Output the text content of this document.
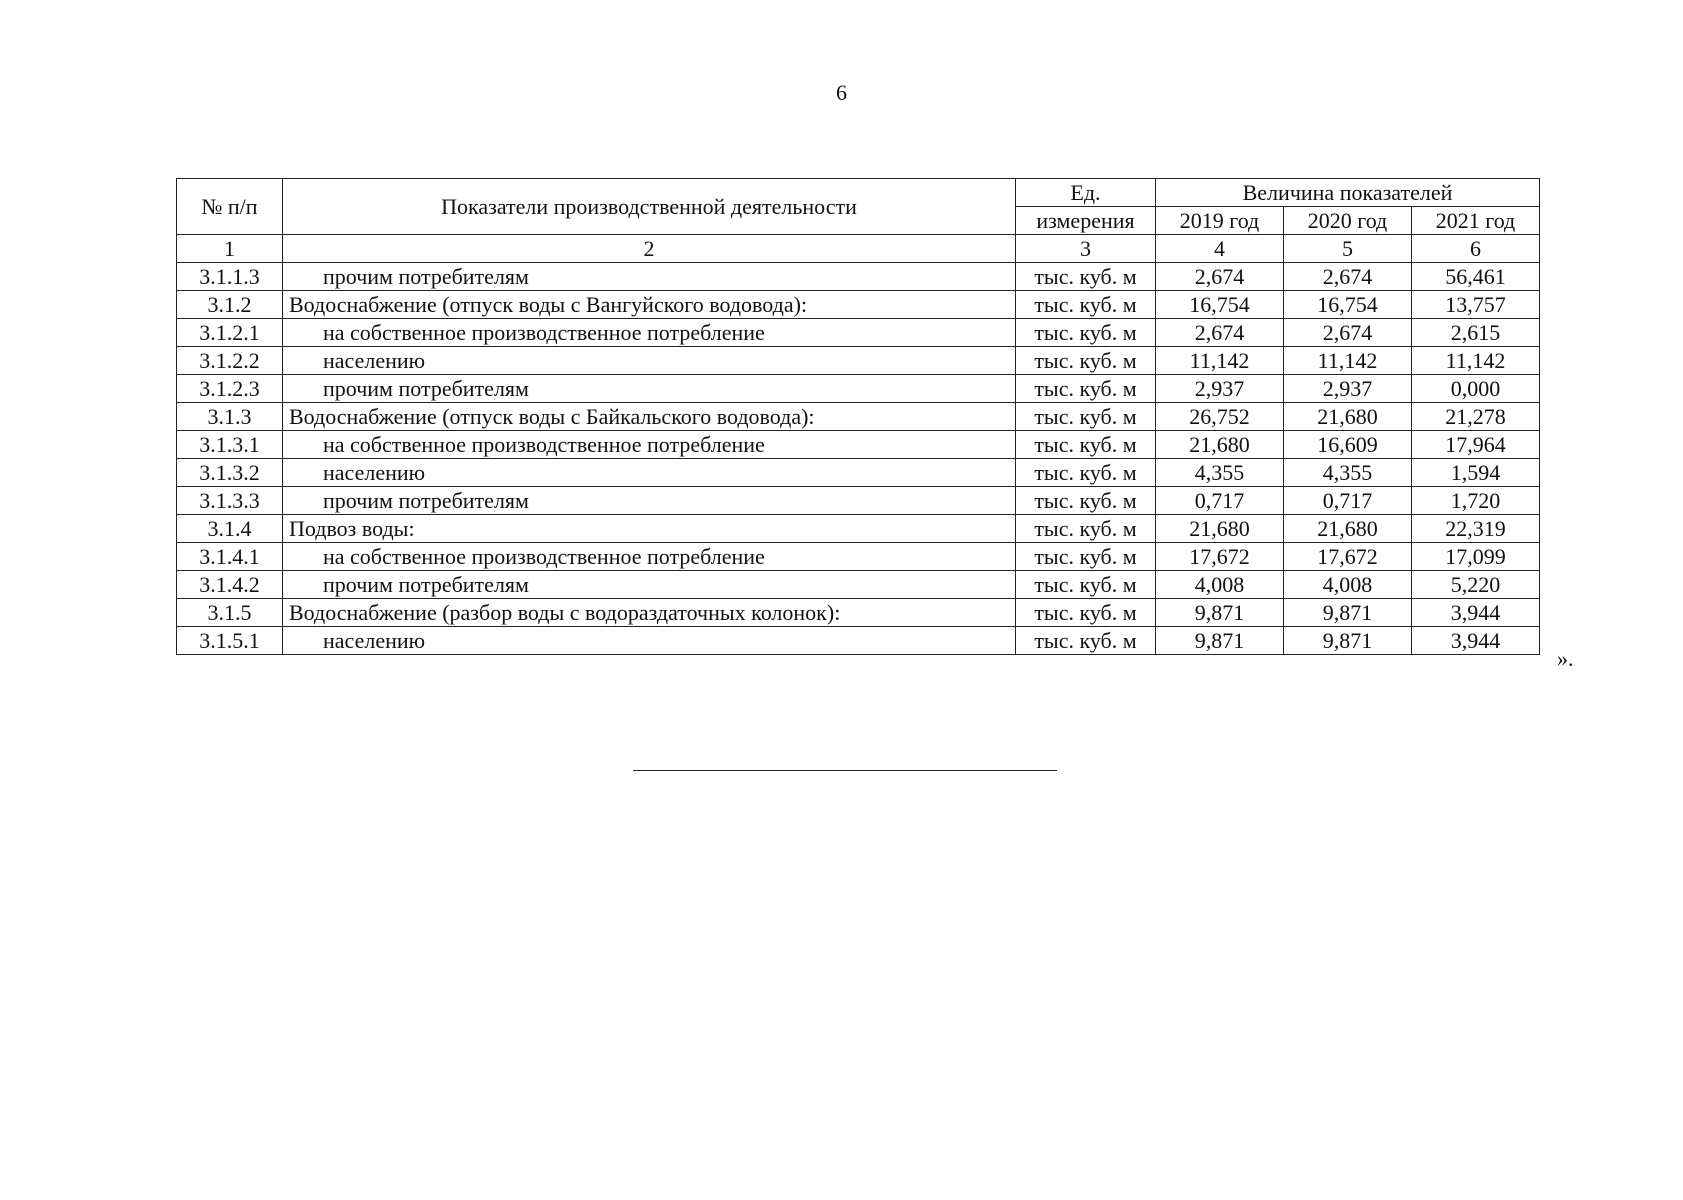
6
№ п/п	Показатели производственной деятельности	Ед.	Величина показателей		
		измерения	2019 год	2020 год	2021 год
1	2	3	4	5	6
3.1.1.3	прочим потребителям	тыс. куб. м	2,674	2,674	56,461
3.1.2	Водоснабжение (отпуск воды с Вангуйского водовода):	тыс. куб. м	16,754	16,754	13,757
3.1.2.1	на собственное производственное потребление	тыс. куб. м	2,674	2,674	2,615
3.1.2.2	населению	тыс. куб. м	11,142	11,142	11,142
3.1.2.3	прочим потребителям	тыс. куб. м	2,937	2,937	0,000
3.1.3	Водоснабжение (отпуск воды с Байкальского водовода):	тыс. куб. м	26,752	21,680	21,278
3.1.3.1	на собственное производственное потребление	тыс. куб. м	21,680	16,609	17,964
3.1.3.2	населению	тыс. куб. м	4,355	4,355	1,594
3.1.3.3	прочим потребителям	тыс. куб. м	0,717	0,717	1,720
3.1.4	Подвоз воды:	тыс. куб. м	21,680	21,680	22,319
3.1.4.1	на собственное производственное потребление	тыс. куб. м	17,672	17,672	17,099
3.1.4.2	прочим потребителям	тыс. куб. м	4,008	4,008	5,220
3.1.5	Водоснабжение (разбор воды с водораздаточных колонок):	тыс. куб. м	9,871	9,871	3,944
3.1.5.1	населению	тыс. куб. м	9,871	9,871	3,944
».
